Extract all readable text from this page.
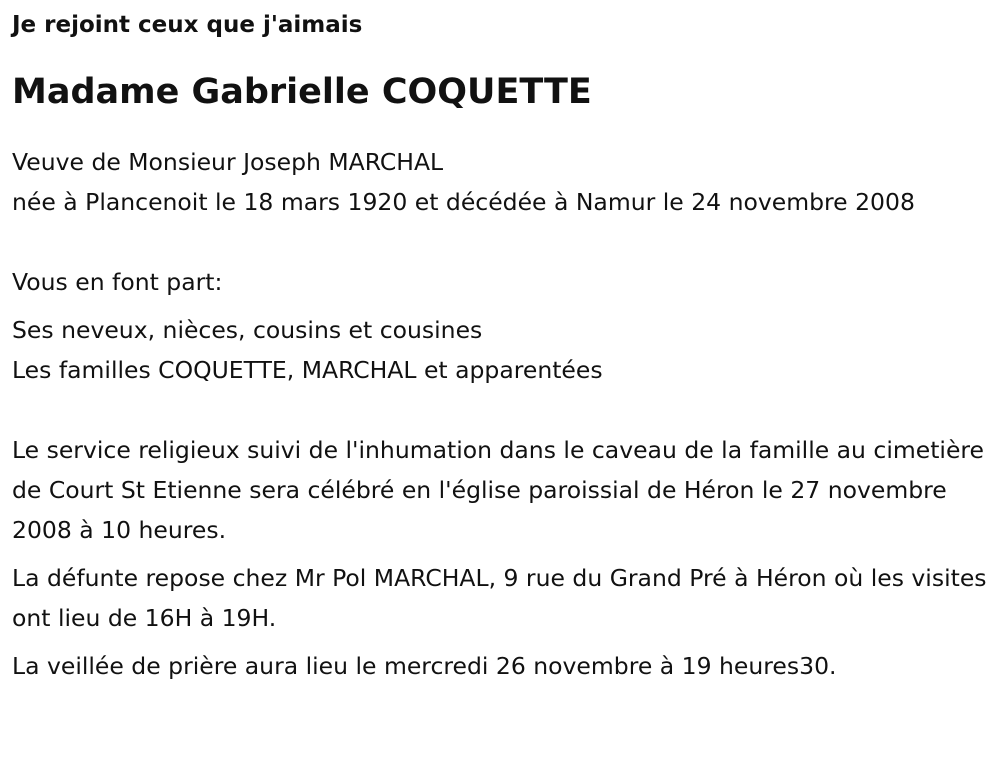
Je rejoint ceux que j'aimais

Madame Gabrielle COQUETTE
Veuve de Monsieur Joseph MARCHAL
née à Plancenoit le 18 mars 1920 et décédée à Namur le 24 novembre 2008

Vous en font part:

Ses neveux, nièces, cousins et cousines
Les familles COQUETTE, MARCHAL et apparentées

Le service religieux suivi de l'inhumation dans le caveau de la famille au cimetière de Court St Etienne sera célébré en l'église paroissial de Héron le 27 novembre 2008 à 10 heures.

La défunte repose chez Mr Pol MARCHAL, 9 rue du Grand Pré à Héron où les visites ont lieu de 16H à 19H.

La veillée de prière aura lieu le mercredi 26 novembre à 19 heures30.
